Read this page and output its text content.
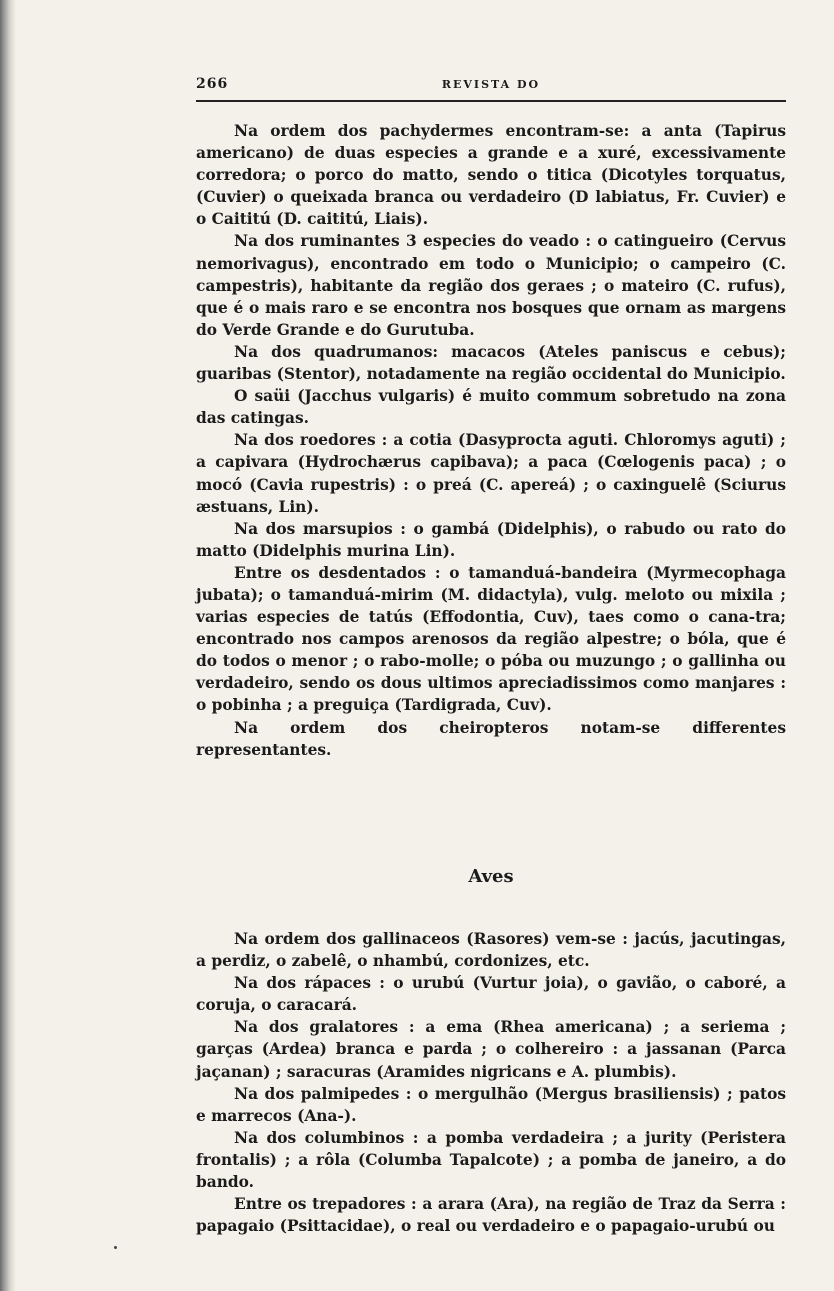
266	REVISTA DO

Na ordem dos pachydermes encontram-se: a anta (Tapirus americano) de duas especies a grande e a xuré, excessivamente corredora; o porco do matto, sendo o titica (Dicotyles torquatus, (Cuvier) o queixada branca ou verdadeiro (D labiatus, Fr. Cuvier) e o Caititú (D. caititú, Liais).

Na dos ruminantes 3 especies do veado : o catingueiro (Cervus nemorivagus), encontrado em todo o Municipio; o campeiro (C. campestris), habitante da região dos geraes ; o mateiro (C. rufus), que é o mais raro e se encontra nos bosques que ornam as margens do Verde Grande e do Gurutuba.

Na dos quadrumanos: macacos (Ateles paniscus e cebus); guaribas (Stentor), notadamente na região occidental do Municipio.

O saüi (Jacchus vulgaris) é muito commum sobretudo na zona das catingas.

Na dos roedores : a cotia (Dasyprocta aguti. Chloromys aguti) ; a capivara (Hydrochærus capibava); a paca (Cœlogenis paca) ; o mocó (Cavia rupestris) : o preá (C. apereá) ; o caxinguelê (Sciurus æstuans, Lin).

Na dos marsupios : o gambá (Didelphis), o rabudo ou rato do matto (Didelphis murina Lin).

Entre os desdentados : o tamanduá-bandeira (Myrmecophaga jubata); o tamanduá-mirim (M. didactyla), vulg. meloto ou mixila ; varias especies de tatús (Effodontia, Cuv), taes como o cana-tra; encontrado nos campos arenosos da região alpestre; o bóla, que é do todos o menor ; o rabo-molle; o póba ou muzungo ; o gallinha ou verdadeiro, sendo os dous ultimos apreciadissimos como manjares : o pobinha ; a preguiça (Tardigrada, Cuv).

Na ordem dos cheiropteros notam-se differentes representantes.

Aves

Na ordem dos gallinaceos (Rasores) vem-se : jacús, jacutingas, a perdiz, o zabelê, o nhambú, cordonizes, etc.

Na dos rápaces : o urubú (Vurtur joia), o gavião, o caboré, a coruja, o caracará.

Na dos gralatores : a ema (Rhea americana) ; a seriema ; garças (Ardea) branca e parda ; o colhereiro : a jassanan (Parca jaçanan) ; saracuras (Aramides nigricans e A. plumbis).

Na dos palmipedes : o mergulhão (Mergus brasiliensis) ; patos e marrecos (Ana-).

Na dos columbinos : a pomba verdadeira ; a jurity (Peristera frontalis) ; a rôla (Columba Tapalcote) ; a pomba de janeiro, a do bando.

Entre os trepadores : a arara (Ara), na região de Traz da Serra : papagaio (Psittacidae), o real ou verdadeiro e o papagaio-urubú ou
